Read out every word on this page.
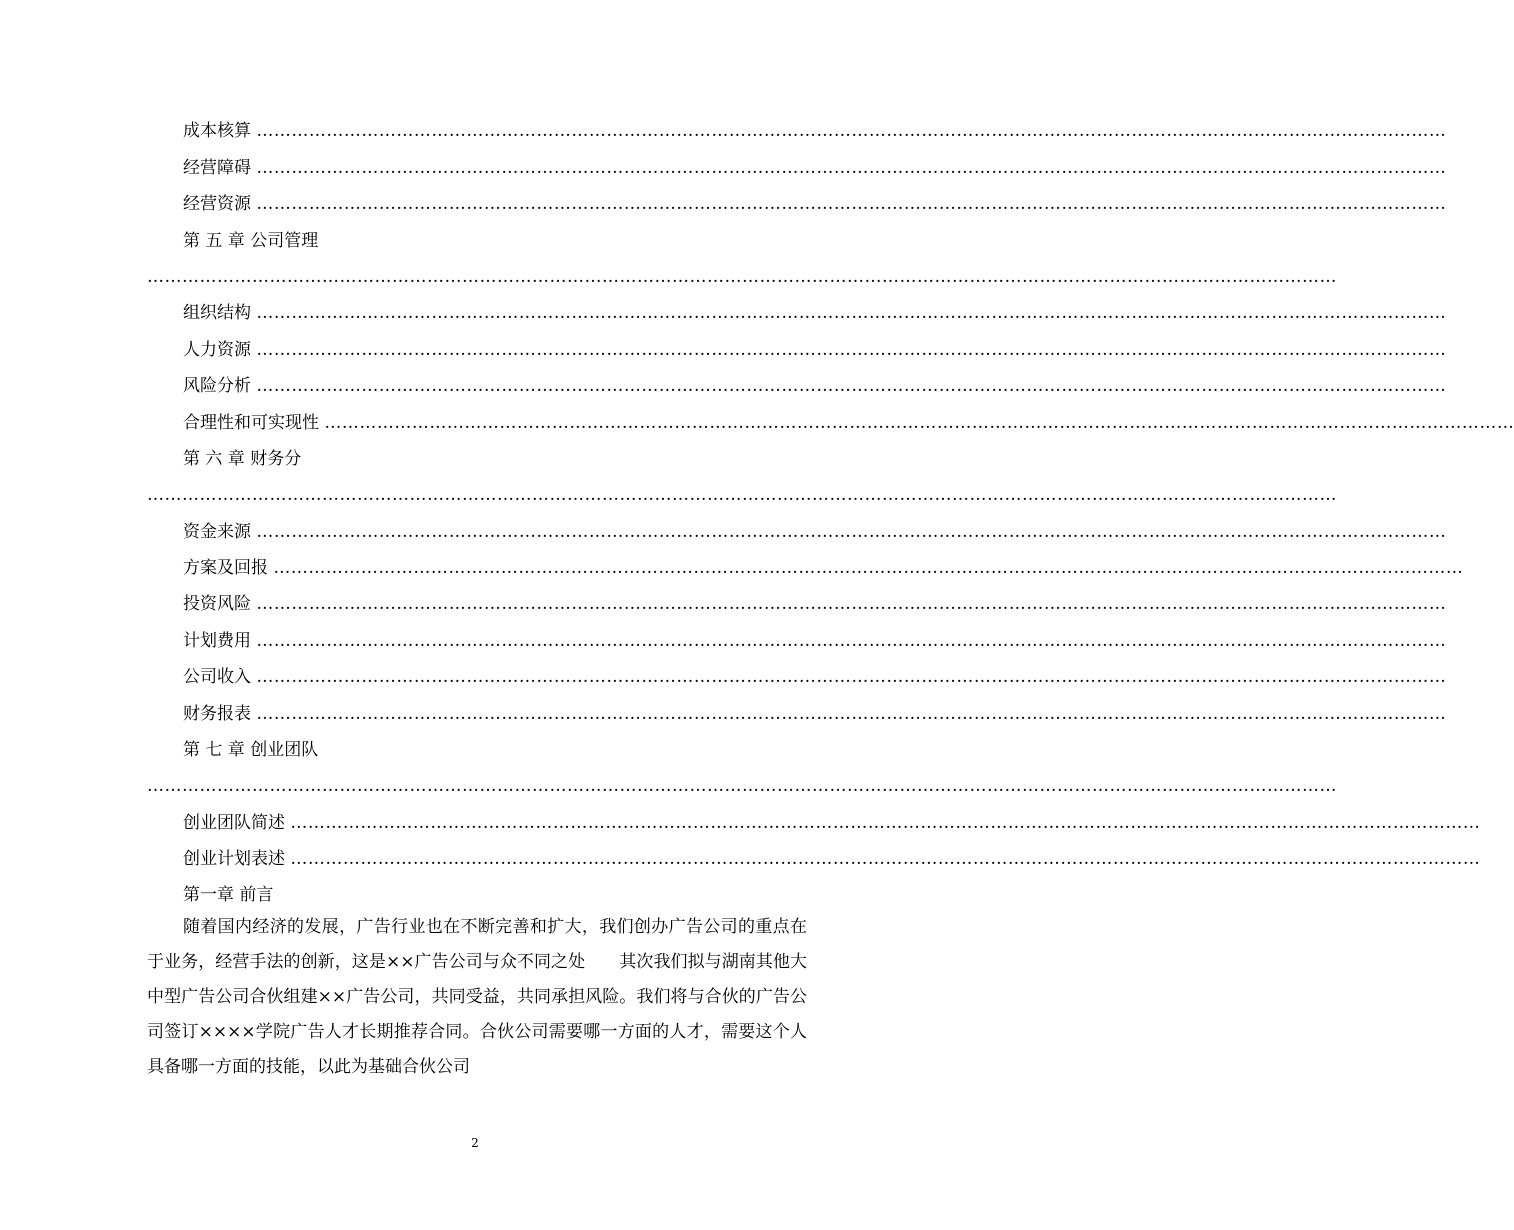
成本核算 ……………………………………………………………………………………………………………………………………………………………………………………
经营障碍 ……………………………………………………………………………………………………………………………………………………………………………………
经营资源 ……………………………………………………………………………………………………………………………………………………………………………………
第 五 章 公司管理
……………………………………………………………………………………………………………………………………………………………………………………
组织结构 ……………………………………………………………………………………………………………………………………………………………………………………
人力资源 ……………………………………………………………………………………………………………………………………………………………………………………
风险分析 ……………………………………………………………………………………………………………………………………………………………………………………
合理性和可实现性 ……………………………………………………………………………………………………………………………………………………………………………………
第 六 章 财务分
……………………………………………………………………………………………………………………………………………………………………………………
资金来源 ……………………………………………………………………………………………………………………………………………………………………………………
方案及回报 ……………………………………………………………………………………………………………………………………………………………………………………
投资风险 ……………………………………………………………………………………………………………………………………………………………………………………
计划费用 ……………………………………………………………………………………………………………………………………………………………………………………
公司收入 ……………………………………………………………………………………………………………………………………………………………………………………
财务报表 ……………………………………………………………………………………………………………………………………………………………………………………
第 七 章 创业团队
……………………………………………………………………………………………………………………………………………………………………………………
创业团队简述 ……………………………………………………………………………………………………………………………………………………………………………………
创业计划表述 ……………………………………………………………………………………………………………………………………………………………………………………
第一章 前言
随着国内经济的发展，广告行业也在不断完善和扩大，我们创办广告公司的重点在于业务，经营手法的创新，这是××广告公司与众不同之处　　其次我们拟与湖南其他大中型广告公司合伙组建××广告公司，共同受益，共同承担风险。我们将与合伙的广告公司签订××××学院广告人才长期推荐合同。合伙公司需要哪一方面的人才，需要这个人具备哪一方面的技能，以此为基础合伙公司
2
